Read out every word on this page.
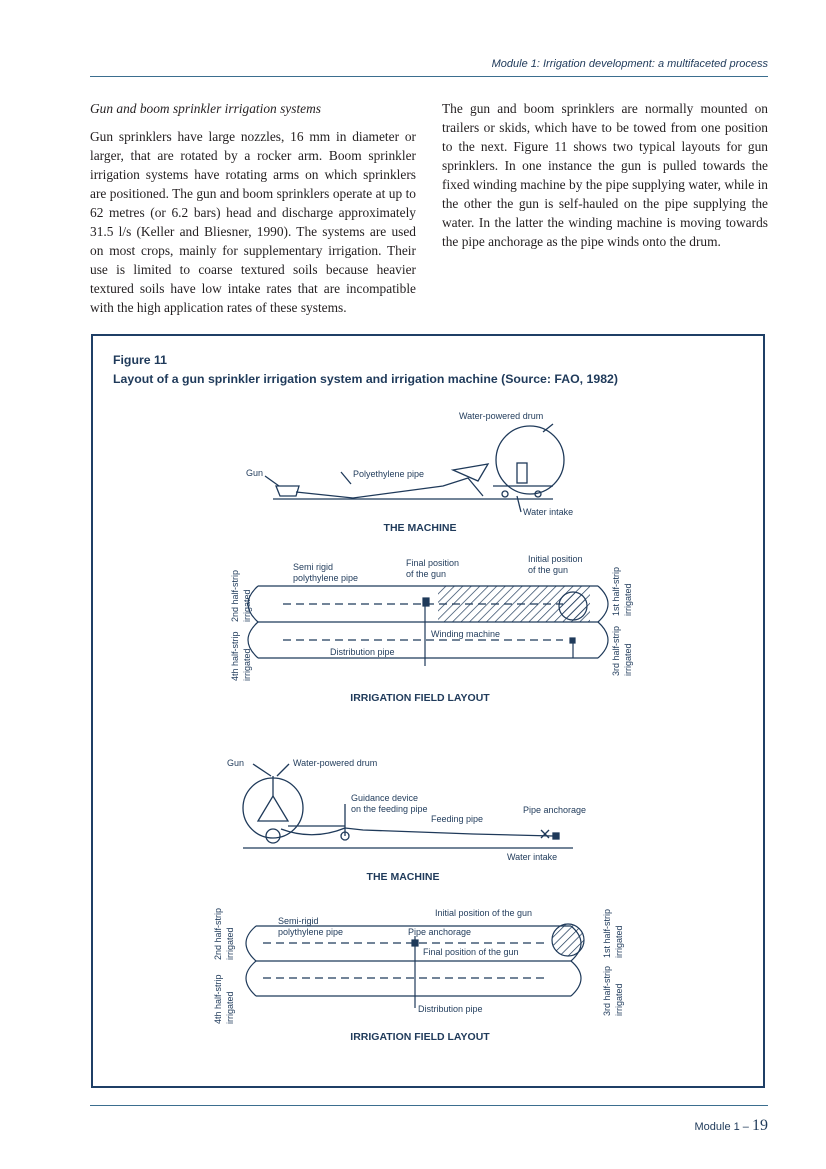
Module 1: Irrigation development: a multifaceted process

Gun and boom sprinkler irrigation systems

Gun sprinklers have large nozzles, 16 mm in diameter or larger, that are rotated by a rocker arm. Boom sprinkler irrigation systems have rotating arms on which sprinklers are positioned. The gun and boom sprinklers operate at up to 62 metres (or 6.2 bars) head and discharge approximately 31.5 l/s (Keller and Bliesner, 1990). The systems are used on most crops, mainly for supplementary irrigation. Their use is limited to coarse textured soils because heavier textured soils have low intake rates that are incompatible with the high application rates of these systems.

The gun and boom sprinklers are normally mounted on trailers or skids, which have to be towed from one position to the next. Figure 11 shows two typical layouts for gun sprinklers. In one instance the gun is pulled towards the fixed winding machine by the pipe supplying water, while in the other the gun is self-hauled on the pipe supplying the water. In the latter the winding machine is moving towards the pipe anchorage as the pipe winds onto the drum.

Figure 11
Layout of a gun sprinkler irrigation system and irrigation machine (Source: FAO, 1982)
Water-powered drum
Gun	Polyethylene pipe
Water intake
THE MACHINE
Semi rigid
polythylene pipe
Final position
of the gun
Initial position
of the gun
Winding machine
Distribution pipe
2nd half-strip irrigated
4th half-strip irrigated
1st half-strip irrigated
3rd half-strip irrigated
IRRIGATION FIELD LAYOUT
Gun	Water-powered drum
Guidance device
on the feeding pipe
Feeding pipe
Pipe anchorage
Water intake
THE MACHINE
Semi-rigid
polythylene pipe
Initial position of the gun
Pipe anchorage
Final position of the gun
Distribution pipe
2nd half-strip irrigated
4th half-strip irrigated
1st half-strip irrigated
3rd half-strip irrigated
IRRIGATION FIELD LAYOUT
Module 1 – 19
